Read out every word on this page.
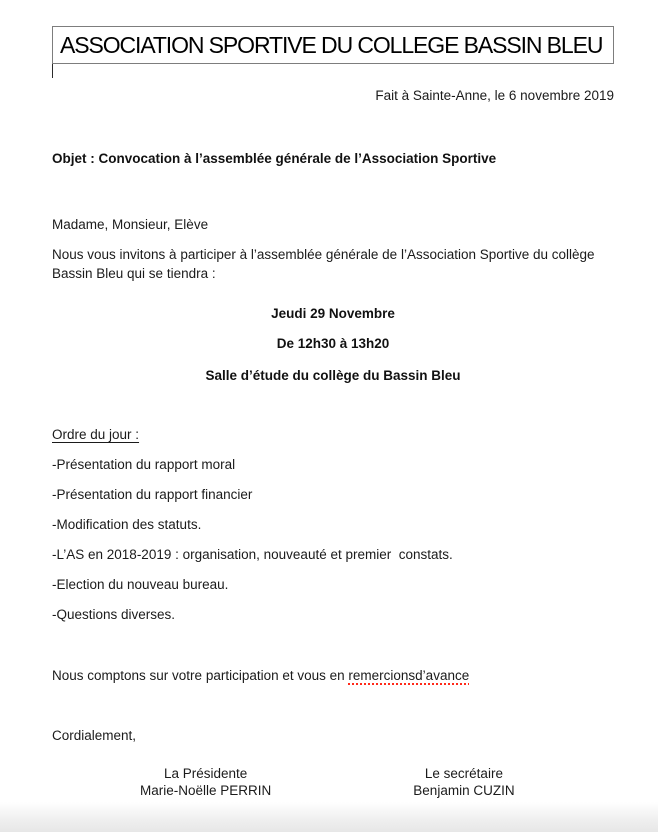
ASSOCIATION SPORTIVE DU COLLEGE BASSIN BLEU
Fait à Sainte-Anne, le 6 novembre 2019
Objet : Convocation à l’assemblée générale de l’Association Sportive
Madame, Monsieur, Elève
Nous vous invitons à participer à l’assemblée générale de l’Association Sportive du collège Bassin Bleu qui se tiendra :
Jeudi 29 Novembre
De 12h30 à 13h20
Salle d’étude du collège du Bassin Bleu
Ordre du jour :
-Présentation du rapport moral
-Présentation du rapport financier
-Modification des statuts.
-L’AS en 2018-2019 : organisation, nouveauté et premier  constats.
-Election du nouveau bureau.
-Questions diverses.
Nous comptons sur votre participation et vous en remercionsd’avance
Cordialement,
La Présidente
Marie-Noëlle PERRIN
Le secrétaire
Benjamin CUZIN
